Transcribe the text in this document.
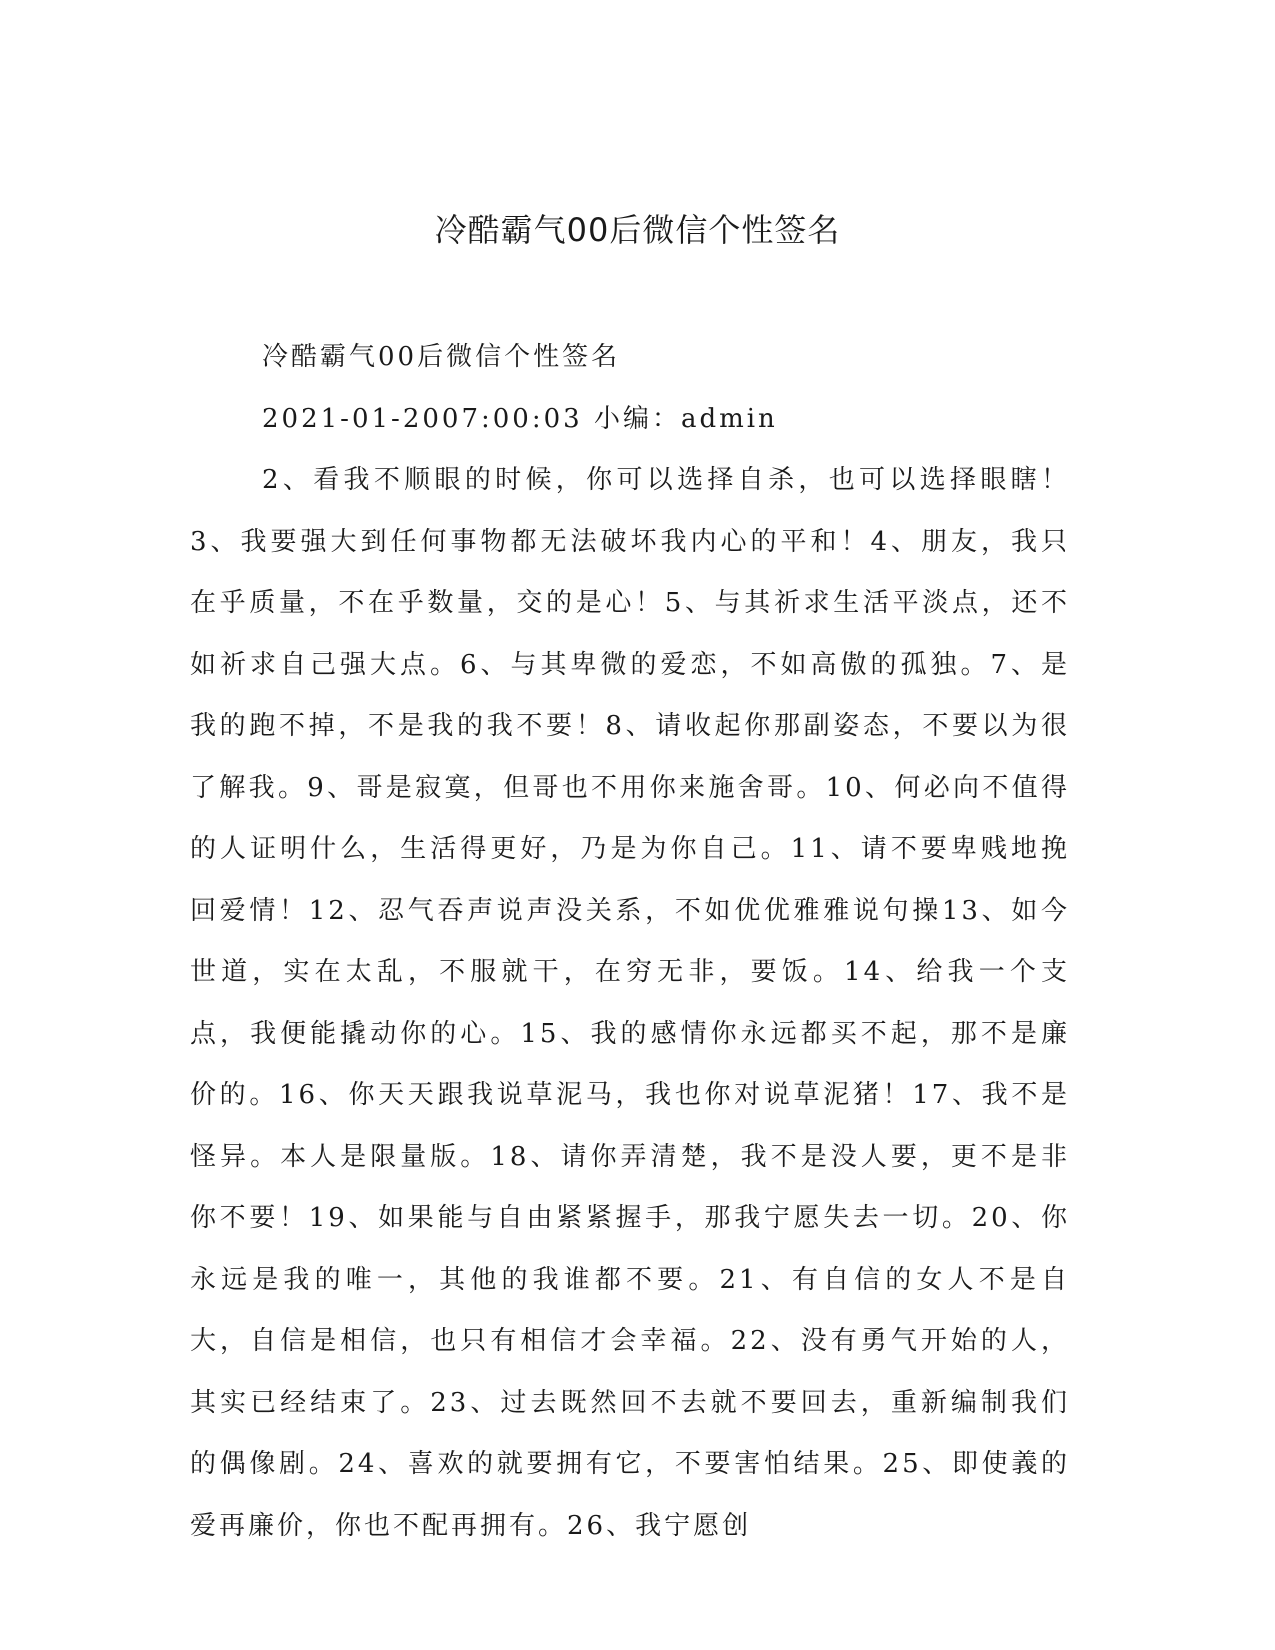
冷酷霸气00后微信个性签名

冷酷霸气00后微信个性签名

2021-01-2007:00:03 小编：admin

2、看我不顺眼的时候，你可以选择自杀，也可以选择眼瞎！3、我要强大到任何事物都无法破坏我内心的平和！4、朋友，我只在乎质量，不在乎数量，交的是心！5、与其祈求生活平淡点，还不如祈求自己强大点。6、与其卑微的爱恋，不如高傲的孤独。7、是我的跑不掉，不是我的我不要！8、请收起你那副姿态，不要以为很了解我。9、哥是寂寞，但哥也不用你来施舍哥。10、何必向不值得的人证明什么，生活得更好，乃是为你自己。11、请不要卑贱地挽回爱情！12、忍气吞声说声没关系，不如优优雅雅说句操13、如今世道，实在太乱，不服就干，在穷无非，要饭。14、给我一个支点，我便能撬动你的心。15、我的感情你永远都买不起，那不是廉价的。16、你天天跟我说草泥马，我也你对说草泥猪！17、我不是怪异。本人是限量版。18、请你弄清楚，我不是没人要，更不是非你不要！19、如果能与自由紧紧握手，那我宁愿失去一切。20、你永远是我的唯一，其他的我谁都不要。21、有自信的女人不是自大，自信是相信，也只有相信才会幸福。22、没有勇气开始的人，其实已经结束了。23、过去既然回不去就不要回去，重新编制我们的偶像剧。24、喜欢的就要拥有它，不要害怕结果。25、即使義的爱再廉价，你也不配再拥有。26、我宁愿创
